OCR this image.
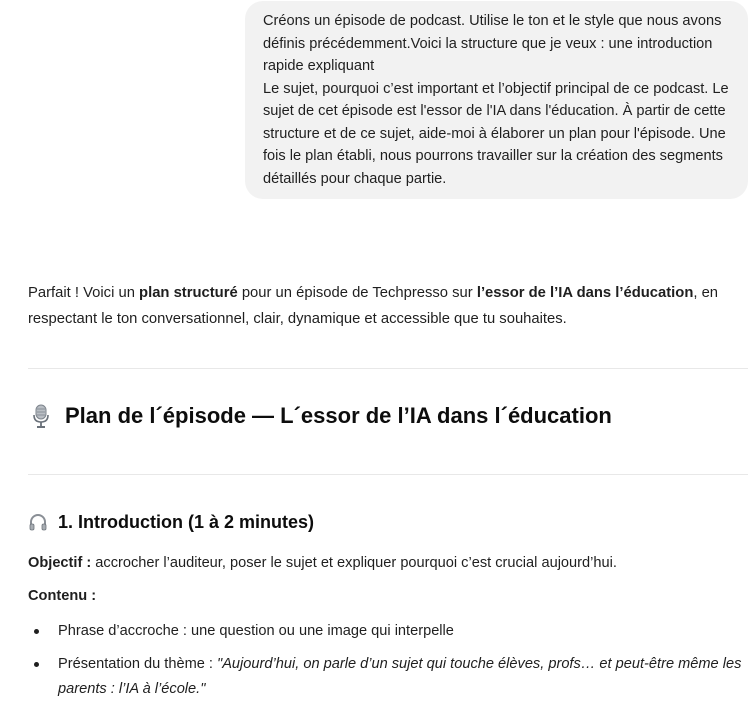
Créons un épisode de podcast. Utilise le ton et le style que nous avons définis précédemment.Voici la structure que je veux : une introduction rapide expliquant

Le sujet, pourquoi c’est important et l’objectif principal de ce podcast. Le sujet de cet épisode est l'essor de l'IA dans l'éducation. À partir de cette structure et de ce sujet, aide-moi à élaborer un plan pour l'épisode. Une fois le plan établi, nous pourrons travailler sur la création des segments détaillés pour chaque partie.

Parfait ! Voici un plan structuré pour un épisode de Techpresso sur l’essor de l’IA dans l’éducation, en respectant le ton conversationnel, clair, dynamique et accessible que tu souhaites.

Plan de l´épisode — L´essor de l’IA dans l´éducation
1. Introduction (1 à 2 minutes)

Objectif : accrocher l’auditeur, poser le sujet et expliquer pourquoi c’est crucial aujourd’hui.

Contenu :

Phrase d’accroche : une question ou une image qui interpelle
Présentation du thème : "Aujourd’hui, on parle d’un sujet qui touche élèves, profs… et peut-être même les parents : l’IA à l’école."
